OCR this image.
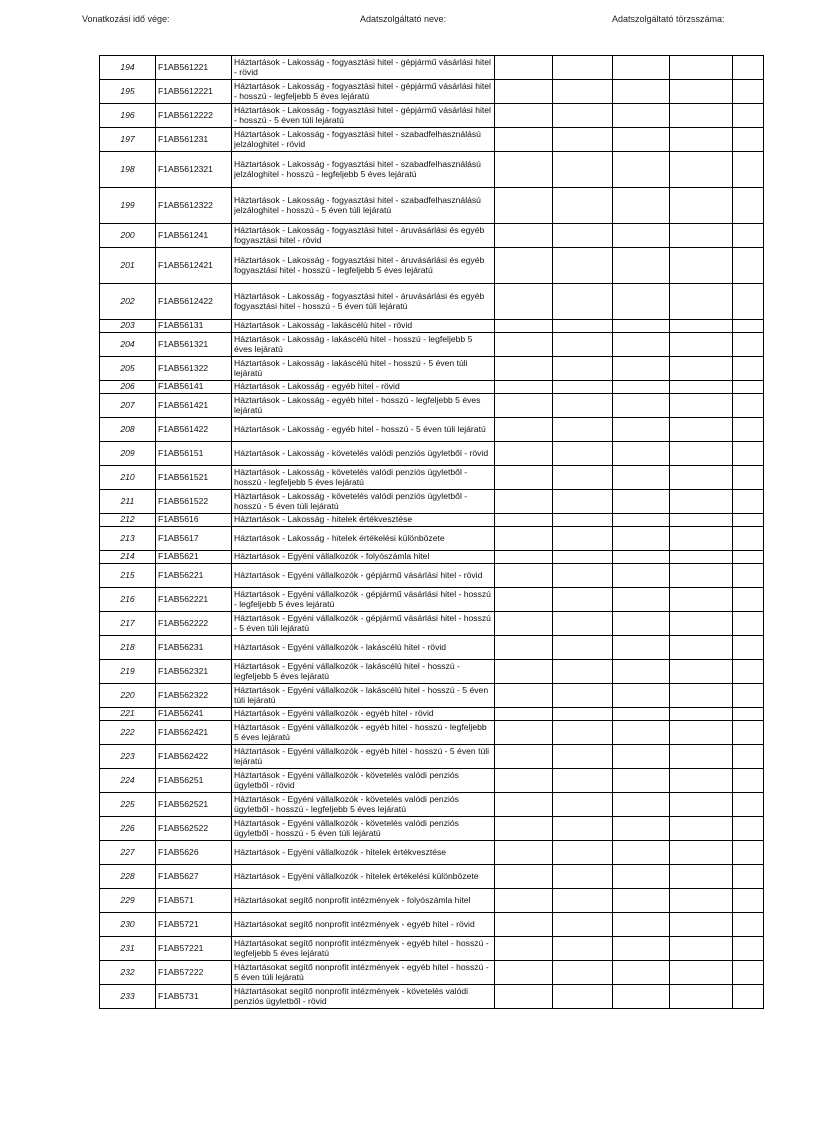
Vonatkozási idő vége:	Adatszolgáltató neve:	Adatszolgáltató törzsszáma:
194	F1AB561221	Háztartások - Lakosság - fogyasztási hitel - gépjármű vásárlási hitel - rövid					
195	F1AB5612221	Háztartások - Lakosság - fogyasztási hitel - gépjármű vásárlási hitel - hosszú - legfeljebb 5 éves lejáratú					
196	F1AB5612222	Háztartások - Lakosság - fogyasztási hitel - gépjármű vásárlási hitel - hosszú - 5 éven túli lejáratú					
197	F1AB561231	Háztartások - Lakosság - fogyasztási hitel - szabadfelhasználású jelzáloghitel - rövid					
198	F1AB5612321	Háztartások - Lakosság - fogyasztási hitel - szabadfelhasználású jelzáloghitel - hosszú - legfeljebb 5 éves lejáratú					
199	F1AB5612322	Háztartások - Lakosság - fogyasztási hitel - szabadfelhasználású jelzáloghitel - hosszú - 5 éven túli lejáratú					
200	F1AB561241	Háztartások - Lakosság - fogyasztási hitel - áruvásárlási és egyéb fogyasztási hitel - rövid					
201	F1AB5612421	Háztartások - Lakosság - fogyasztási hitel - áruvásárlási és egyéb fogyasztási hitel - hosszú - legfeljebb 5 éves lejáratú					
202	F1AB5612422	Háztartások - Lakosság - fogyasztási hitel - áruvásárlási és egyéb fogyasztási hitel - hosszú - 5 éven túli lejáratú					
203	F1AB56131	Háztartások - Lakosság - lakáscélú hitel - rövid					
204	F1AB561321	Háztartások - Lakosság - lakáscélú hitel - hosszú - legfeljebb 5 éves lejáratú					
205	F1AB561322	Háztartások - Lakosság - lakáscélú hitel - hosszú - 5 éven túli lejáratú					
206	F1AB56141	Háztartások - Lakosság - egyéb hitel - rövid					
207	F1AB561421	Háztartások - Lakosság - egyéb hitel - hosszú - legfeljebb 5 éves lejáratú					
208	F1AB561422	Háztartások - Lakosság - egyéb hitel - hosszú - 5 éven túli lejáratú					
209	F1AB56151	Háztartások - Lakosság - követelés valódi penziós ügyletből - rövid					
210	F1AB561521	Háztartások - Lakosság - követelés valódi penziós ügyletből - hosszú - legfeljebb 5 éves lejáratú					
211	F1AB561522	Háztartások - Lakosság - követelés valódi penziós ügyletből - hosszú - 5 éven túli lejáratú					
212	F1AB5616	Háztartások - Lakosság - hitelek értékvesztése					
213	F1AB5617	Háztartások - Lakosság - hitelek értékelési különbözete					
214	F1AB5621	Háztartások - Egyéni vállalkozók - folyószámla hitel					
215	F1AB56221	Háztartások - Egyéni vállalkozók - gépjármű vásárlási hitel - rövid					
216	F1AB562221	Háztartások - Egyéni vállalkozók - gépjármű vásárlási hitel - hosszú - legfeljebb 5 éves lejáratú					
217	F1AB562222	Háztartások - Egyéni vállalkozók - gépjármű vásárlási hitel - hosszú - 5 éven túli lejáratú					
218	F1AB56231	Háztartások - Egyéni vállalkozók - lakáscélú hitel - rövid					
219	F1AB562321	Háztartások - Egyéni vállalkozók - lakáscélú hitel - hosszú - legfeljebb 5 éves lejáratú					
220	F1AB562322	Háztartások - Egyéni vállalkozók - lakáscélú hitel - hosszú - 5 éven túli lejáratú					
221	F1AB56241	Háztartások - Egyéni vállalkozók - egyéb hitel - rövid					
222	F1AB562421	Háztartások - Egyéni vállalkozók - egyéb hitel - hosszú - legfeljebb 5 éves lejáratú					
223	F1AB562422	Háztartások - Egyéni vállalkozók - egyéb hitel - hosszú - 5 éven túli lejáratú					
224	F1AB56251	Háztartások - Egyéni vállalkozók - követelés valódi penziós ügyletből - rövid					
225	F1AB562521	Háztartások - Egyéni vállalkozók - követelés valódi penziós ügyletből - hosszú - legfeljebb 5 éves lejáratú					
226	F1AB562522	Háztartások - Egyéni vállalkozók - követelés valódi penziós ügyletből - hosszú - 5 éven túli lejáratú					
227	F1AB5626	Háztartások - Egyéni vállalkozók - hitelek értékvesztése					
228	F1AB5627	Háztartások - Egyéni vállalkozók - hitelek értékelési különbözete					
229	F1AB571	Háztartásokat segítő nonprofit intézmények - folyószámla hitel					
230	F1AB5721	Háztartásokat segítő nonprofit intézmények - egyéb hitel - rövid					
231	F1AB57221	Háztartásokat segítő nonprofit intézmények - egyéb hitel - hosszú - legfeljebb 5 éves lejáratú					
232	F1AB57222	Háztartásokat segítő nonprofit intézmények - egyéb hitel - hosszú - 5 éven túli lejáratú					
233	F1AB5731	Háztartásokat segítő nonprofit intézmények - követelés valódi penziós ügyletből - rövid					
